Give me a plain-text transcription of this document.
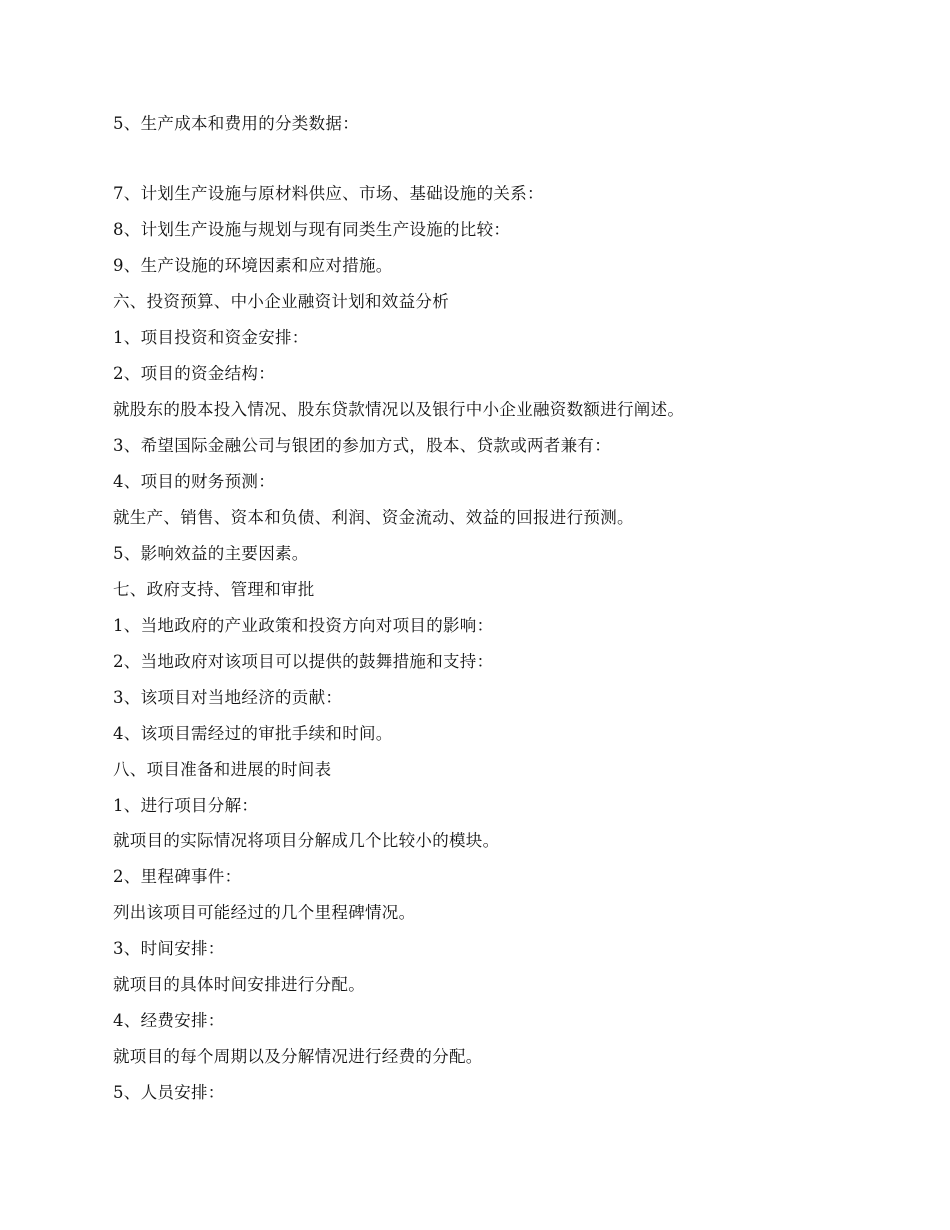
5、生产成本和费用的分类数据：

7、计划生产设施与原材料供应、市场、基础设施的关系：

8、计划生产设施与规划与现有同类生产设施的比较：

9、生产设施的环境因素和应对措施。

六、投资预算、中小企业融资计划和效益分析

1、项目投资和资金安排：

2、项目的资金结构：

就股东的股本投入情况、股东贷款情况以及银行中小企业融资数额进行阐述。

3、希望国际金融公司与银团的参加方式，股本、贷款或两者兼有：

4、项目的财务预测：

就生产、销售、资本和负债、利润、资金流动、效益的回报进行预测。

5、影响效益的主要因素。

七、政府支持、管理和审批

1、当地政府的产业政策和投资方向对项目的影响：

2、当地政府对该项目可以提供的鼓舞措施和支持：

3、该项目对当地经济的贡献：

4、该项目需经过的审批手续和时间。

八、项目准备和进展的时间表

1、进行项目分解：

就项目的实际情况将项目分解成几个比较小的模块。

2、里程碑事件：

列出该项目可能经过的几个里程碑情况。

3、时间安排：

就项目的具体时间安排进行分配。

4、经费安排：

就项目的每个周期以及分解情况进行经费的分配。

5、人员安排：
